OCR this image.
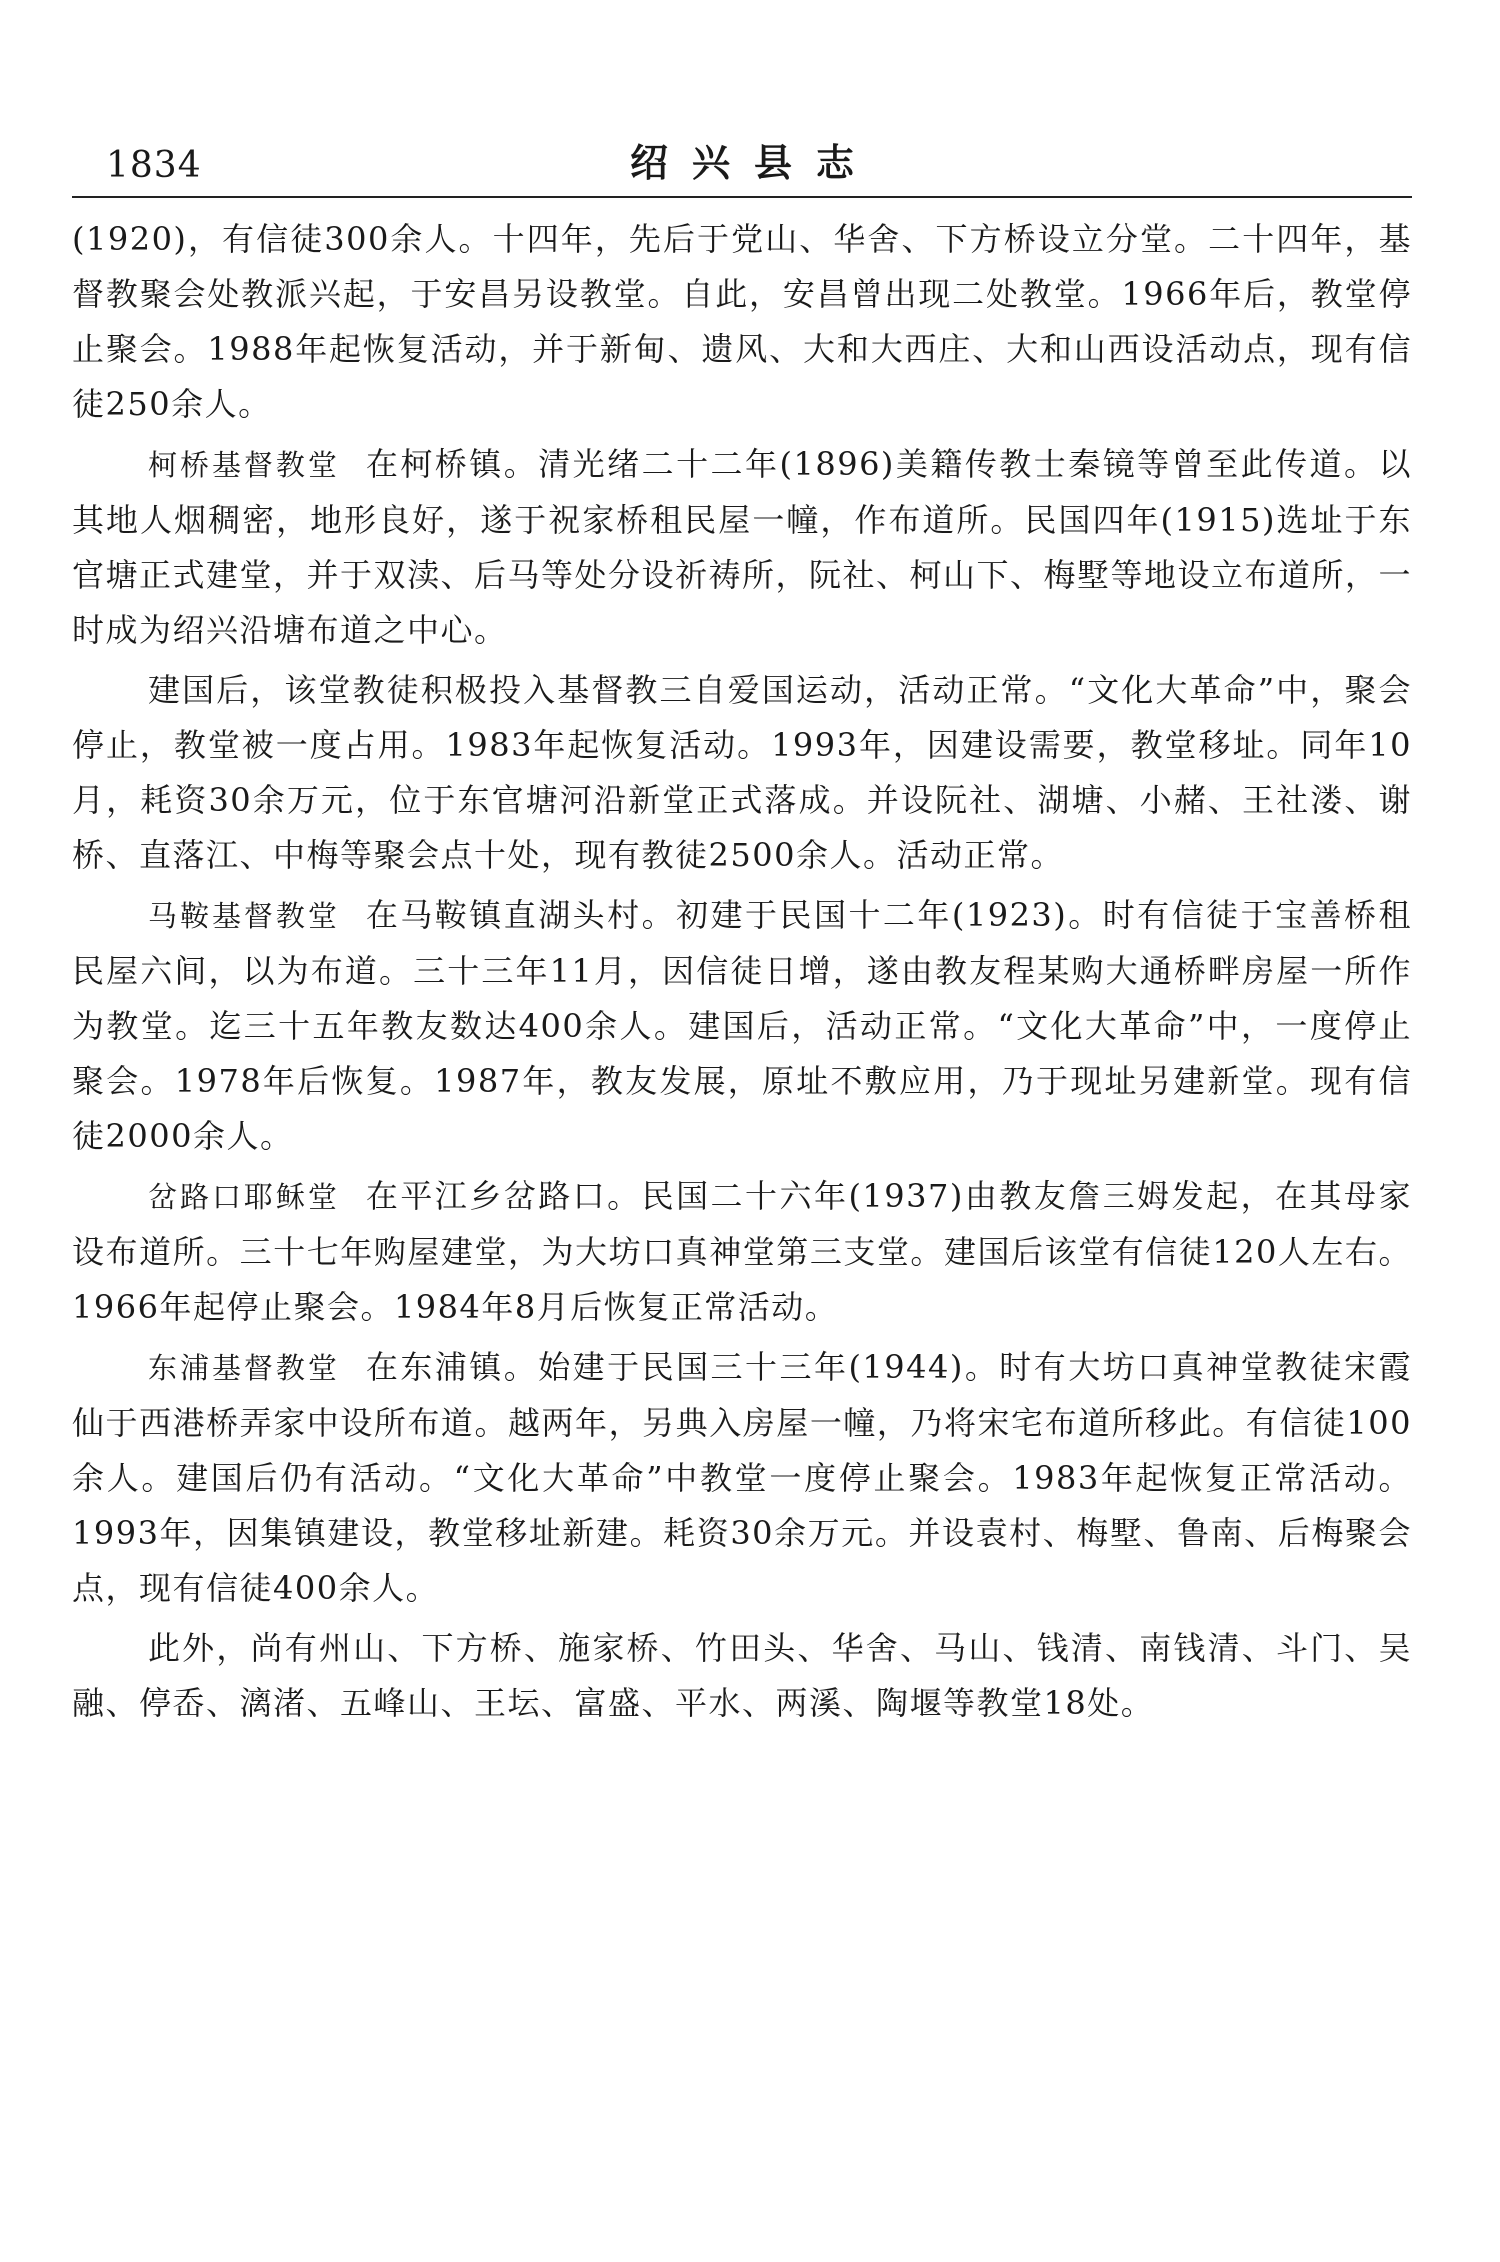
1834	绍兴县志

(1920)，有信徒300余人。十四年，先后于党山、华舍、下方桥设立分堂。二十四年，基督教聚会处教派兴起，于安昌另设教堂。自此，安昌曾出现二处教堂。1966年后，教堂停止聚会。1988年起恢复活动，并于新甸、遗风、大和大西庄、大和山西设活动点，现有信徒250余人。

柯桥基督教堂 在柯桥镇。清光绪二十二年(1896)美籍传教士秦镜等曾至此传道。以其地人烟稠密，地形良好，遂于祝家桥租民屋一幢，作布道所。民国四年(1915)选址于东官塘正式建堂，并于双渎、后马等处分设祈祷所，阮社、柯山下、梅墅等地设立布道所，一时成为绍兴沿塘布道之中心。

建国后，该堂教徒积极投入基督教三自爱国运动，活动正常。“文化大革命”中，聚会停止，教堂被一度占用。1983年起恢复活动。1993年，因建设需要，教堂移址。同年10月，耗资30余万元，位于东官塘河沿新堂正式落成。并设阮社、湖塘、小赭、王社溇、谢桥、直落江、中梅等聚会点十处，现有教徒2500余人。活动正常。

马鞍基督教堂 在马鞍镇直湖头村。初建于民国十二年(1923)。时有信徒于宝善桥租民屋六间，以为布道。三十三年11月，因信徒日增，遂由教友程某购大通桥畔房屋一所作为教堂。迄三十五年教友数达400余人。建国后，活动正常。“文化大革命”中，一度停止聚会。1978年后恢复。1987年，教友发展，原址不敷应用，乃于现址另建新堂。现有信徒2000余人。

岔路口耶稣堂 在平江乡岔路口。民国二十六年(1937)由教友詹三姆发起，在其母家设布道所。三十七年购屋建堂，为大坊口真神堂第三支堂。建国后该堂有信徒120人左右。1966年起停止聚会。1984年8月后恢复正常活动。

东浦基督教堂 在东浦镇。始建于民国三十三年(1944)。时有大坊口真神堂教徒宋霞仙于西港桥弄家中设所布道。越两年，另典入房屋一幢，乃将宋宅布道所移此。有信徒100余人。建国后仍有活动。“文化大革命”中教堂一度停止聚会。1983年起恢复正常活动。1993年，因集镇建设，教堂移址新建。耗资30余万元。并设袁村、梅墅、鲁南、后梅聚会点，现有信徒400余人。

此外，尚有州山、下方桥、施家桥、竹田头、华舍、马山、钱清、南钱清、斗门、吴融、停岙、漓渚、五峰山、王坛、富盛、平水、两溪、陶堰等教堂18处。
